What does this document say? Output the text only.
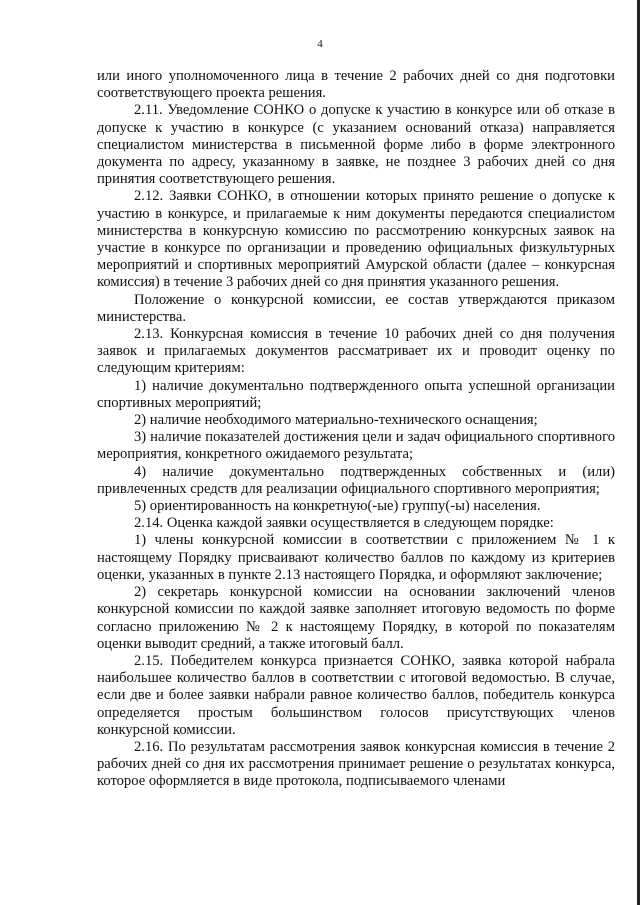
4

или иного уполномоченного лица в течение 2 рабочих дней со дня подготовки соответствующего проекта решения.

2.11. Уведомление СОНКО о допуске к участию в конкурсе или об отказе в допуске к участию в конкурсе (с указанием оснований отказа) направляется специалистом министерства в письменной форме либо в форме электронного документа по адресу, указанному в заявке, не позднее 3 рабочих дней со дня принятия соответствующего решения.

2.12. Заявки СОНКО, в отношении которых принято решение о допуске к участию в конкурсе, и прилагаемые к ним документы передаются специалистом министерства в конкурсную комиссию по рассмотрению конкурсных заявок на участие в конкурсе по организации и проведению официальных физкультурных мероприятий и спортивных мероприятий Амурской области (далее – конкурсная комиссия) в течение 3 рабочих дней со дня принятия указанного решения.

Положение о конкурсной комиссии, ее состав утверждаются приказом министерства.

2.13. Конкурсная комиссия в течение 10 рабочих дней со дня получения заявок и прилагаемых документов рассматривает их и проводит оценку по следующим критериям:

1) наличие документально подтвержденного опыта успешной организации спортивных мероприятий;

2) наличие необходимого материально-технического оснащения;

3) наличие показателей достижения цели и задач официального спортивного мероприятия, конкретного ожидаемого результата;

4) наличие документально подтвержденных собственных и (или) привлеченных средств для реализации официального спортивного мероприятия;

5) ориентированность на конкретную(-ые) группу(-ы) населения.

2.14. Оценка каждой заявки осуществляется в следующем порядке:

1) члены конкурсной комиссии в соответствии с приложением № 1 к настоящему Порядку присваивают количество баллов по каждому из критериев оценки, указанных в пункте 2.13 настоящего Порядка, и оформляют заключение;

2) секретарь конкурсной комиссии на основании заключений членов конкурсной комиссии по каждой заявке заполняет итоговую ведомость по форме согласно приложению № 2 к настоящему Порядку, в которой по показателям оценки выводит средний, а также итоговый балл.

2.15. Победителем конкурса признается СОНКО, заявка которой набрала наибольшее количество баллов в соответствии с итоговой ведомостью. В случае, если две и более заявки набрали равное количество баллов, победитель конкурса определяется простым большинством голосов присутствующих членов конкурсной комиссии.

2.16. По результатам рассмотрения заявок конкурсная комиссия в течение 2 рабочих дней со дня их рассмотрения принимает решение о результатах конкурса, которое оформляется в виде протокола, подписываемого членами
